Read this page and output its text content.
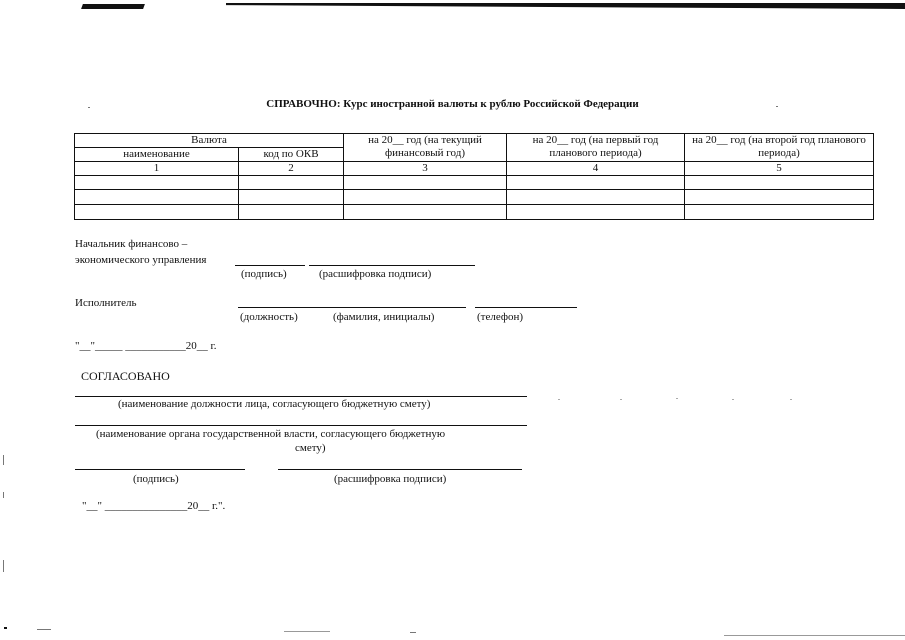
СПРАВОЧНО: Курс иностранной валюты к рублю Российской Федерации
Валюта		на 20__ год (на текущий финансовый год)	на 20__ год (на первый год планового периода)	на 20__ год (на второй год планового периода)
наименование	код по ОКВ			
1	2	3	4	5

Начальник финансово –
экономического управления
(подпись)	(расшифровка подписи)
Исполнитель
(должность)	(фамилия, инициалы)	(телефон)
"__"_____ ___________20__ г.
СОГЛАСОВАНО
(наименование должности лица, согласующего бюджетную смету)
(наименование органа государственной власти, согласующего бюджетную
смету)
(подпись)	(расшифровка подписи)
"__" _______________20__ г.".
